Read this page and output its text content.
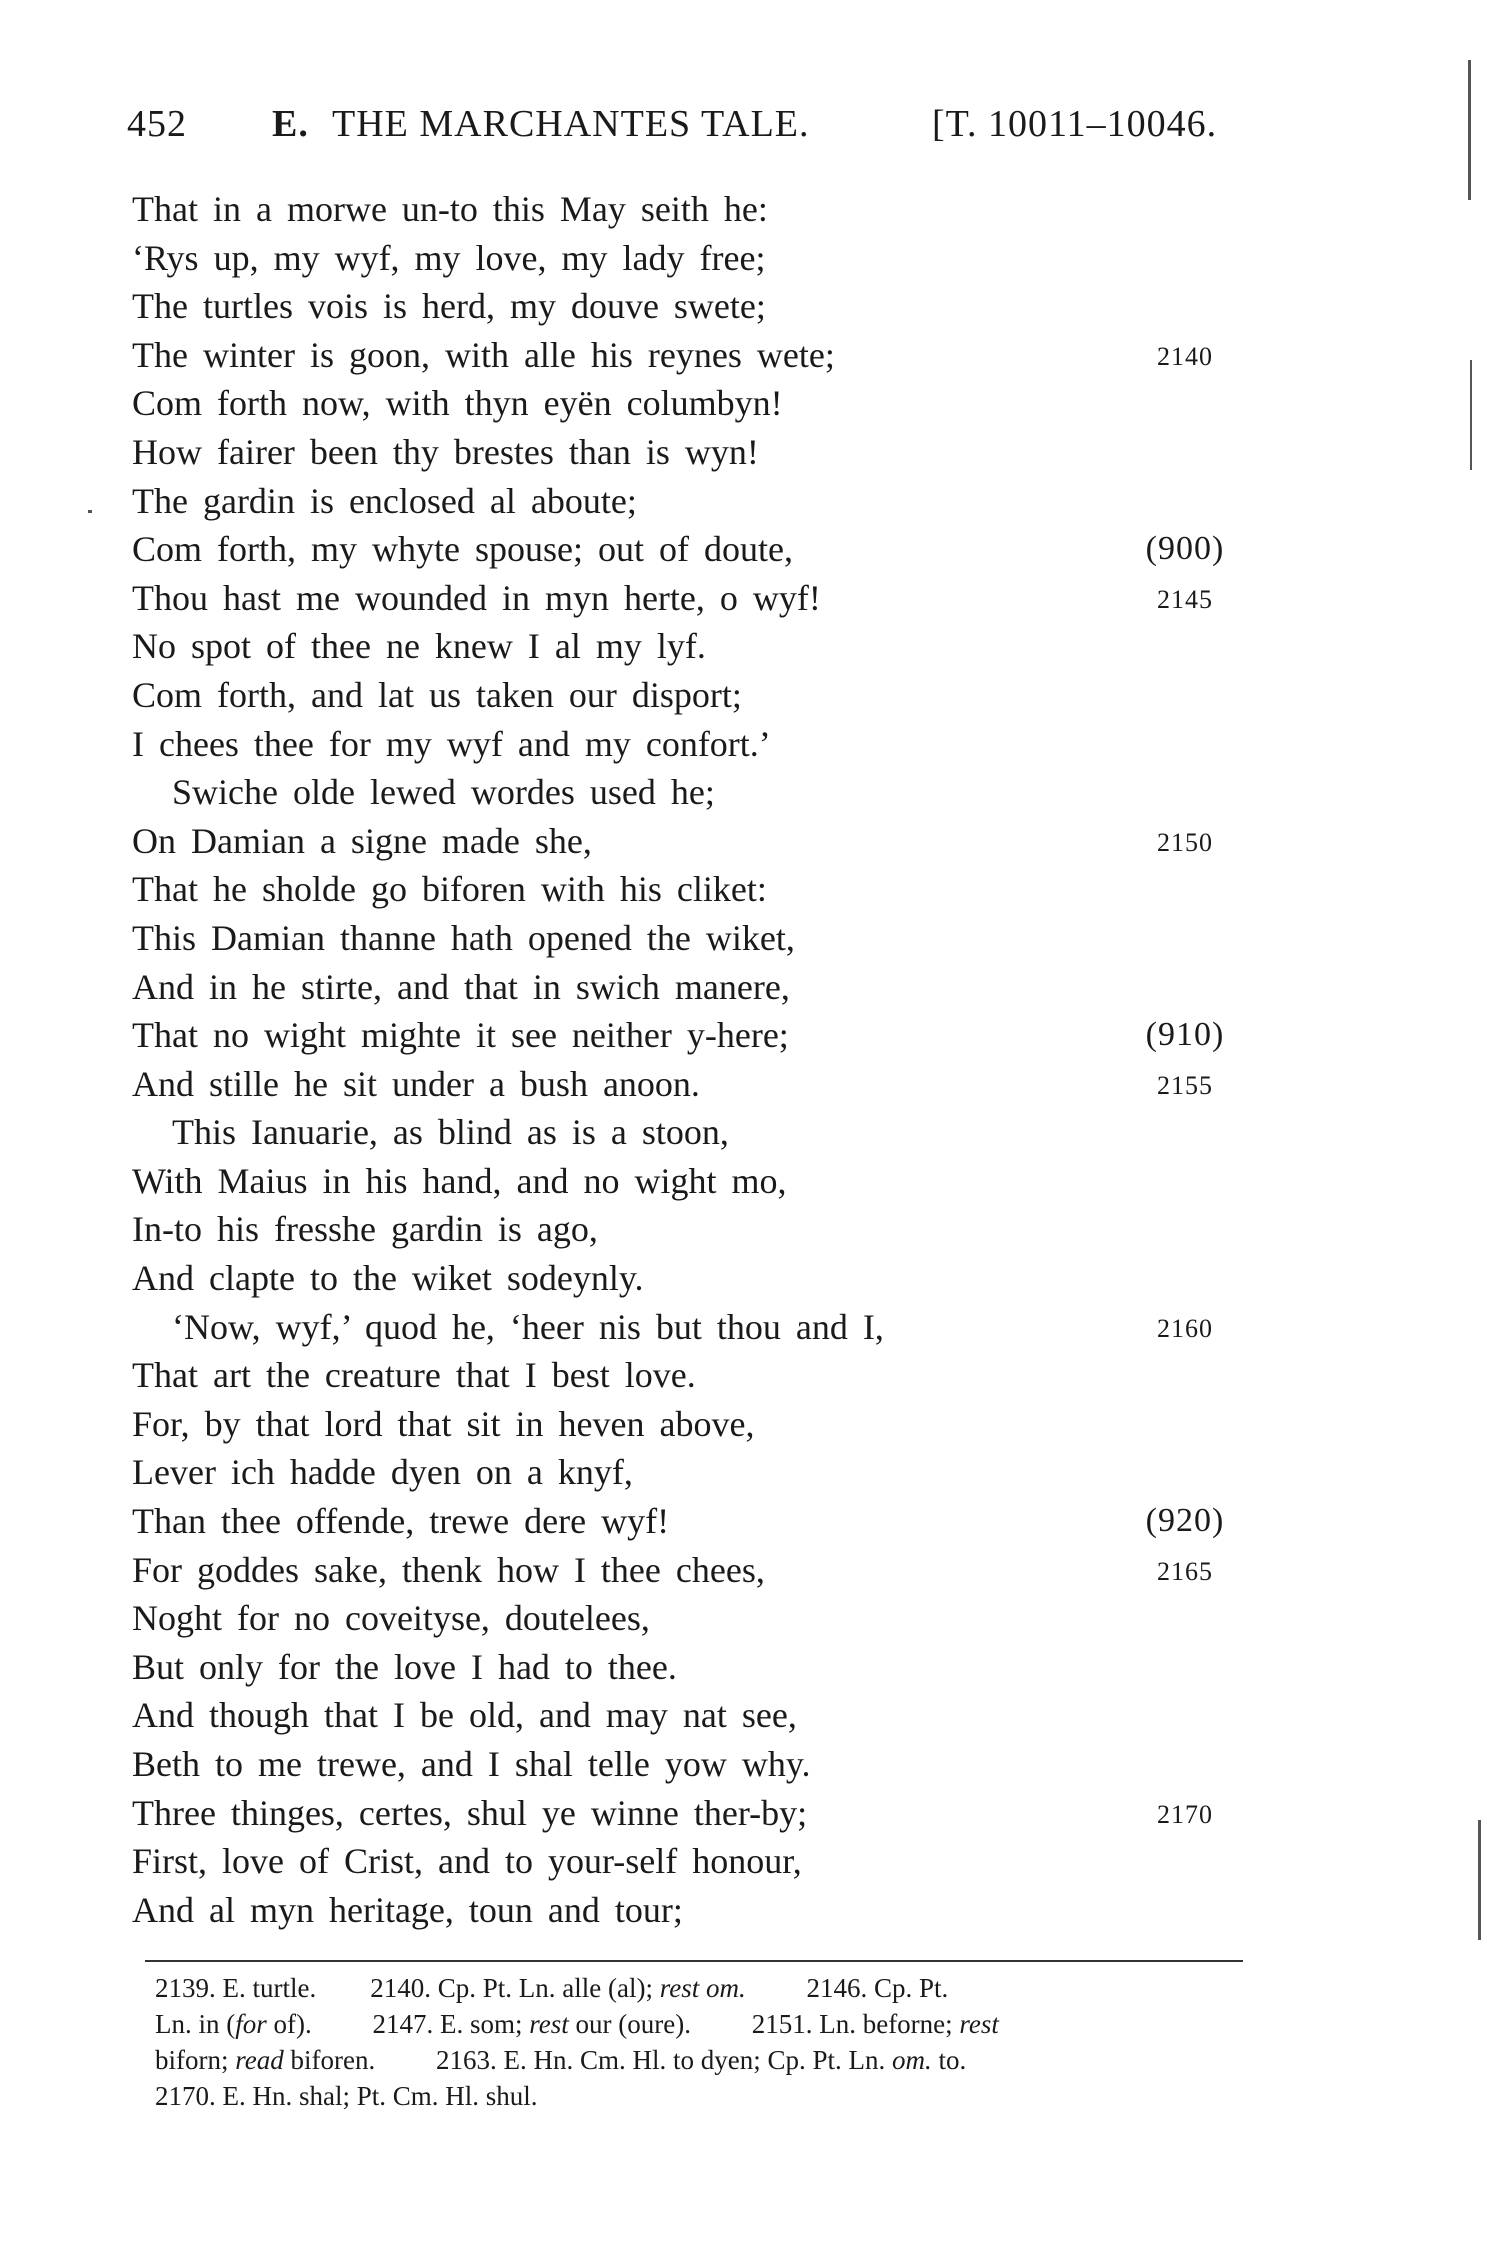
452 E. THE MARCHANTES TALE.	[T. 10011–10046.
That in a morwe un-to this May seith he:
‘Rys up, my wyf, my love, my lady free;
The turtles vois is herd, my douve swete;
The winter is goon, with alle his reynes wete;	2140
Com forth now, with thyn eyën columbyn!
How fairer been thy brestes than is wyn!
The gardin is enclosed al aboute;
Com forth, my whyte spouse; out of doute,	(900)
Thou hast me wounded in myn herte, o wyf!	2145
No spot of thee ne knew I al my lyf.
Com forth, and lat us taken our disport;
I chees thee for my wyf and my confort.’
Swiche olde lewed wordes used he;
On Damian a signe made she,	2150
That he sholde go biforen with his cliket:
This Damian thanne hath opened the wiket,
And in he stirte, and that in swich manere,
That no wight mighte it see neither y-here;	(910)
And stille he sit under a bush anoon.	2155
This Ianuarie, as blind as is a stoon,
With Maius in his hand, and no wight mo,
In-to his fresshe gardin is ago,
And clapte to the wiket sodeynly.
‘Now, wyf,’ quod he, ‘heer nis but thou and I,	2160
That art the creature that I best love.
For, by that lord that sit in heven above,
Lever ich hadde dyen on a knyf,
Than thee offende, trewe dere wyf!	(920)
For goddes sake, thenk how I thee chees,	2165
Noght for no coveityse, doutelees,
But only for the love I had to thee.
And though that I be old, and may nat see,
Beth to me trewe, and I shal telle yow why.
Three thinges, certes, shul ye winne ther-by;	2170
First, love of Crist, and to your-self honour,
And al myn heritage, toun and tour;
2139. E. turtle. 2140. Cp. Pt. Ln. alle (al); rest om. 2146. Cp. Pt.
Ln. in (for of). 2147. E. som; rest our (oure). 2151. Ln. beforne; rest
biforn; read biforen. 2163. E. Hn. Cm. Hl. to dyen; Cp. Pt. Ln. om. to.
2170. E. Hn. shal; Pt. Cm. Hl. shul.
